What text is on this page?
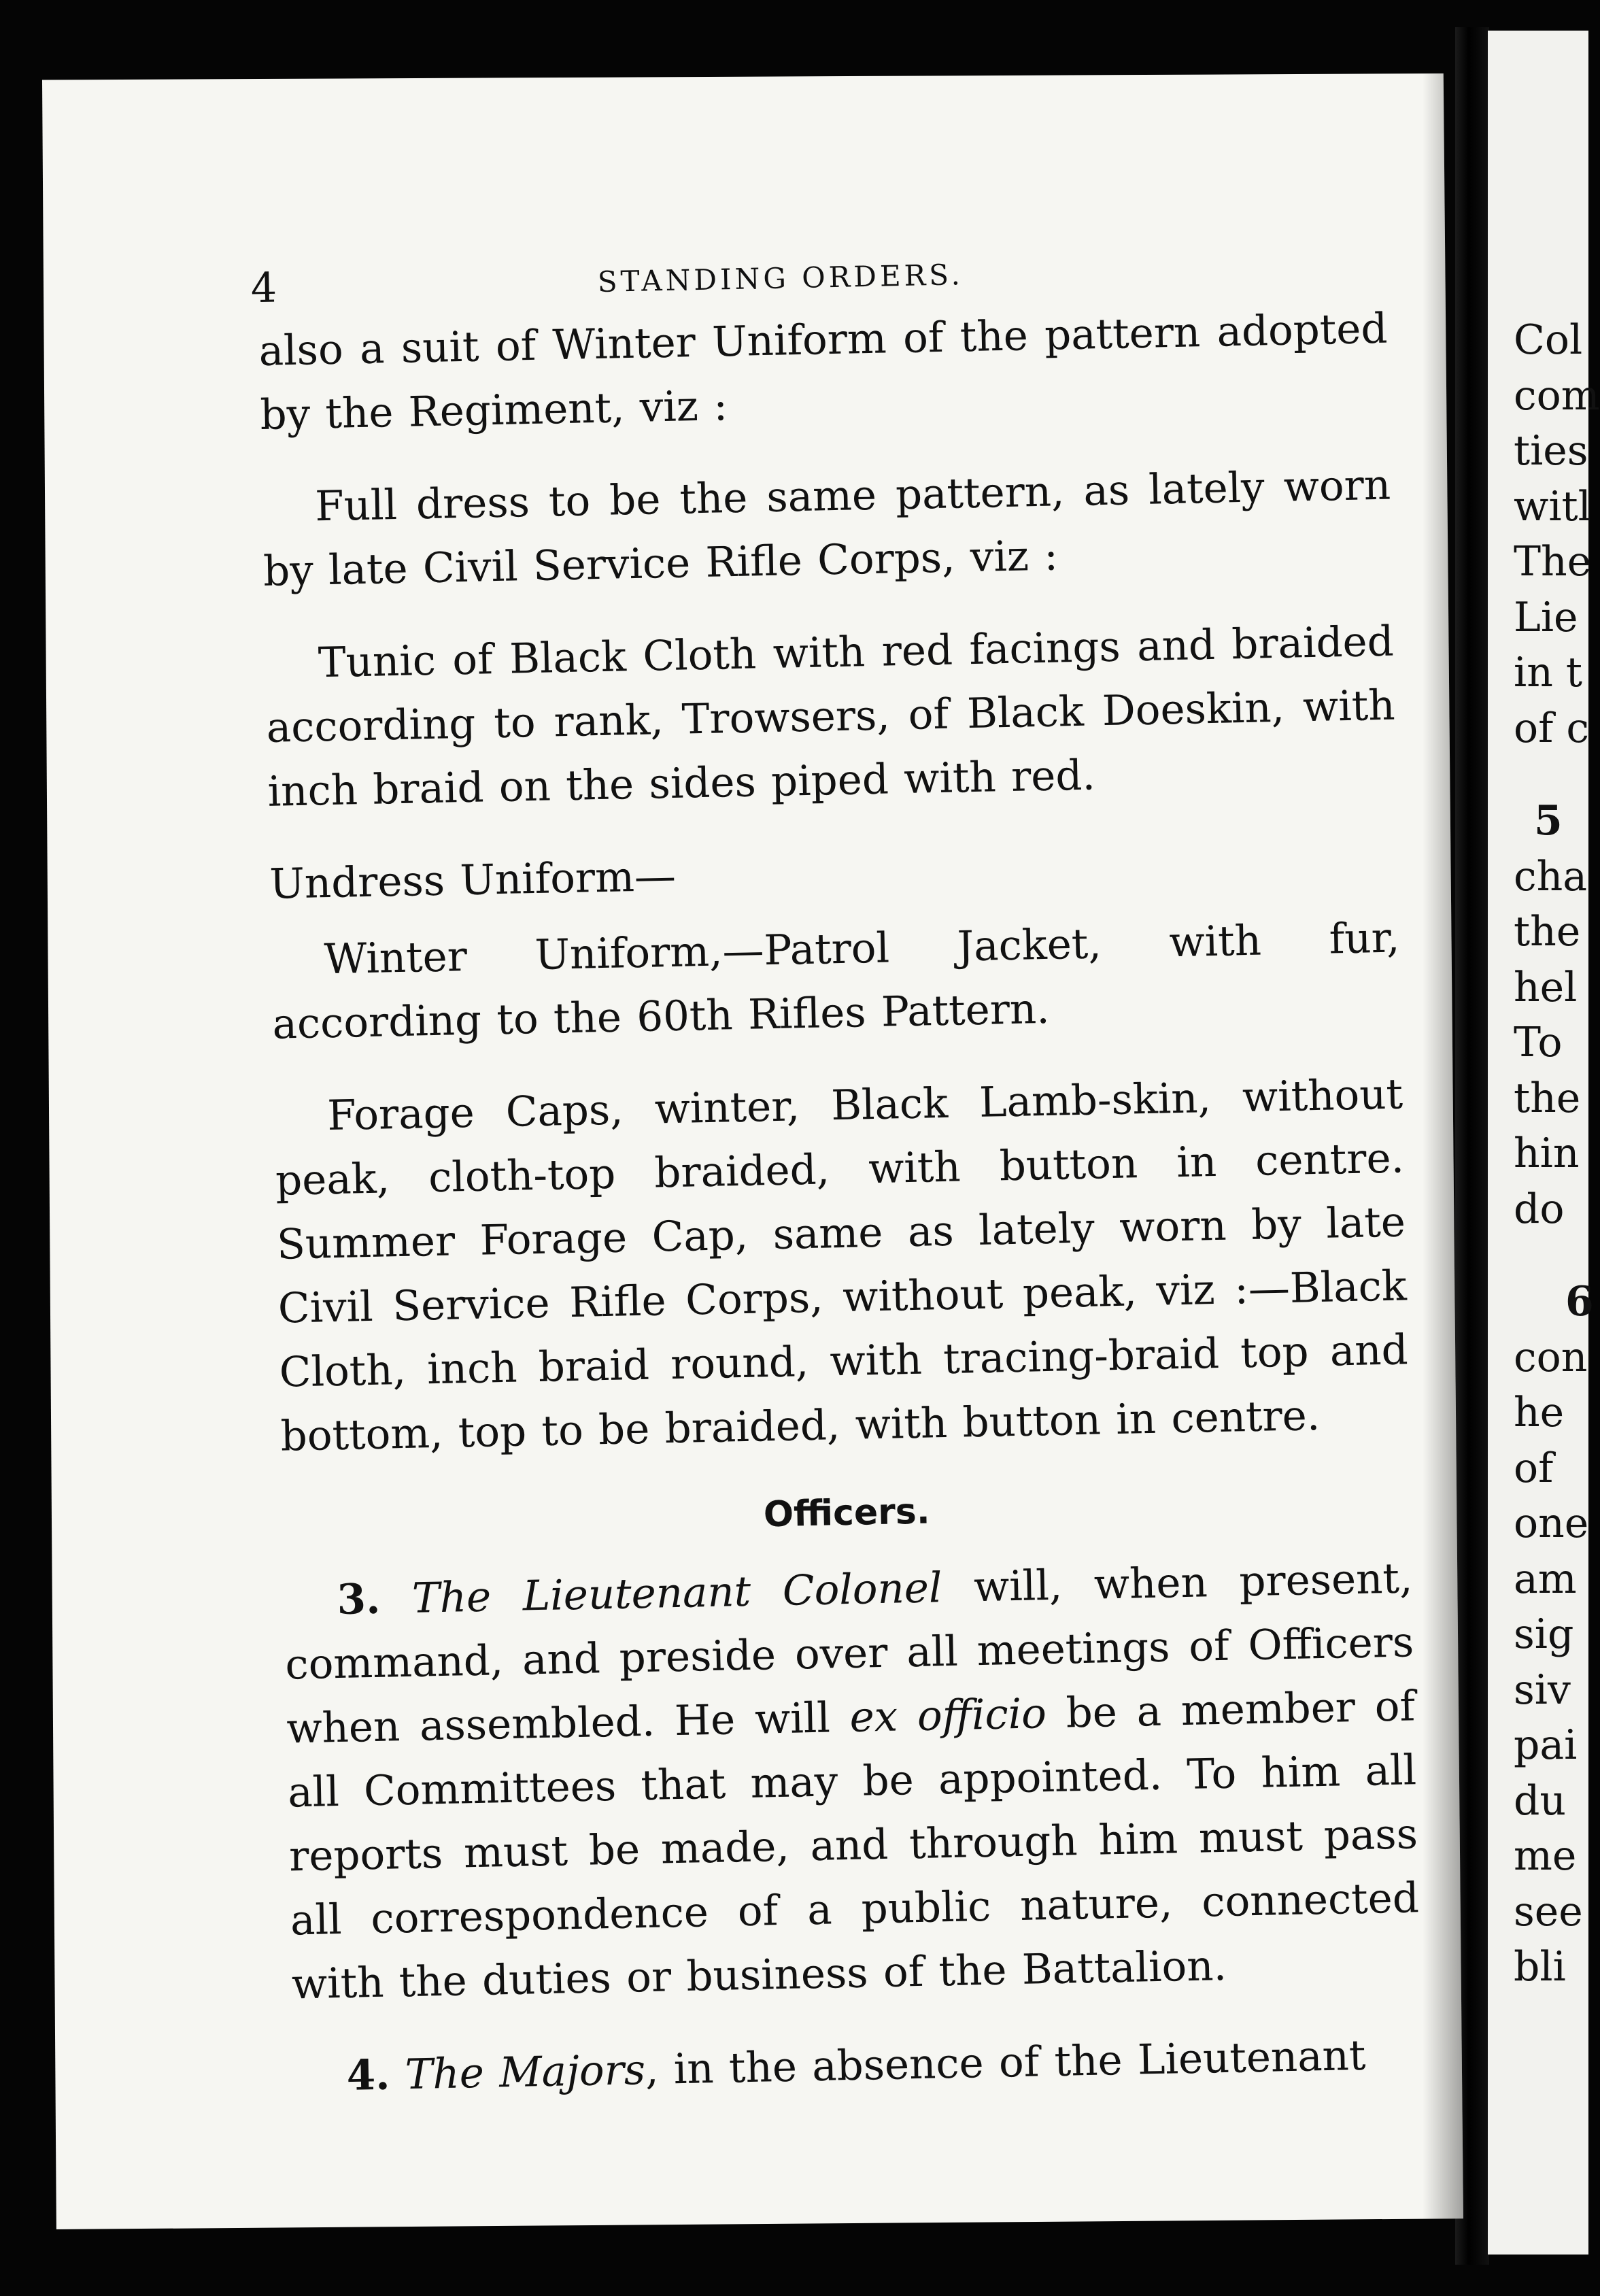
4	STANDING ORDERS.

also a suit of Winter Uniform of the pattern adopted by the Regiment, viz :

Full dress to be the same pattern, as lately worn by late Civil Service Rifle Corps, viz :

Tunic of Black Cloth with red facings and braided according to rank, Trowsers, of Black Doeskin, with inch braid on the sides piped with red.

Undress Uniform—

Winter Uniform,—Patrol Jacket, with fur, according to the 60th Rifles Pattern.

Forage Caps, winter, Black Lamb-skin, without peak, cloth-top braided, with button in centre. Summer Forage Cap, same as lately worn by late Civil Service Rifle Corps, without peak, viz :—Black Cloth, inch braid round, with tracing-braid top and bottom, top to be braided, with button in centre.

Officers.

3. The Lieutenant Colonel will, when present, command, and preside over all meetings of Officers when assembled. He will ex officio be a member of all Committees that may be appointed. To him all reports must be made, and through him must pass all correspondence of a public nature, connected with the duties or business of the Battalion.

4. The Majors, in the absence of the Lieutenant

Col
com
ties
witl
The
Lie
in t
of c
5
cha
the
hel
To
the
hin
do
6
con
he
of
one
am
sig
siv
pai
du
me
see
bli
